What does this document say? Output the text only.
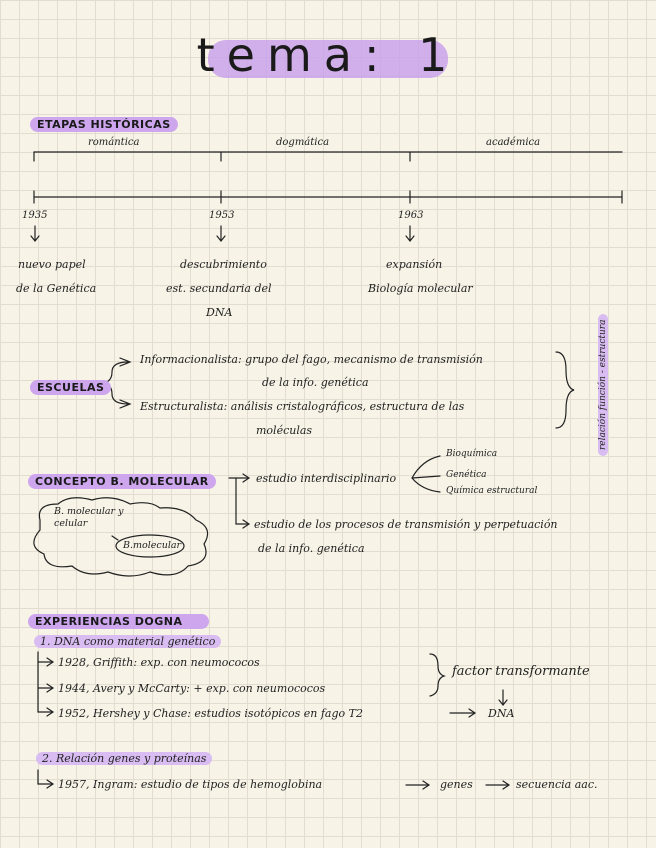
tema: 1
ETAPAS HISTÓRICAS
romántica	dogmática	académica
1935	1953	1963
nuevo papel
de la Genética
descubrimiento
est. secundaria del
DNA
expansión
Biología molecular
ESCUELAS
Informacionalista: grupo del fago, mecanismo de transmisión
de la info. genética
Estructuralista: análisis cristalográficos, estructura de las
moléculas	relación función - estructura
CONCEPTO B. MOLECULAR
B. molecular y celular
B.molecular
estudio interdisciplinario
Bioquímica
Genética
Química estructural
estudio de los procesos de transmisión y perpetuación
de la info. genética
EXPERIENCIAS DOGNA
1. DNA como material genético
1928, Griffith: exp. con neumococos
1944, Avery y McCarty: + exp. con neumococos
1952, Hershey y Chase: estudios isotópicos en fago T2
factor transformante
DNA
2. Relación genes y proteínas
1957, Ingram: estudio de tipos de hemoglobina	genes	secuencia aac.
